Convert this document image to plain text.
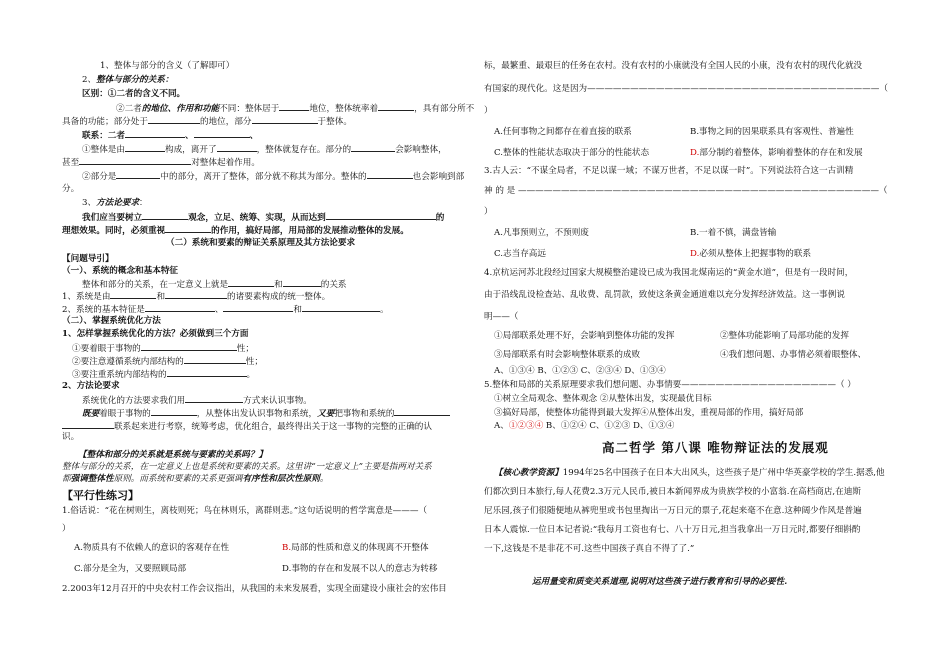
1、整体与部分的含义（了解即可）
2、整体与部分的关系：
区别：①二者的含义不同。
②二者的地位、作用和功能不同：整体居于	地位，整体统率着	，具有部分所不
具备的功能；部分处于	的地位，部分	于整体。
联系：二者	、	、
①整体是由	构成，离开了	，整体就复存在。部分的	会影响整体，
甚至	对整体起着作用。
②部分是	中的部分，离开了整体，部分就不称其为部分。整体的	也会影响到部
分。
3、方法论要求：
我们应当要树立	观念，立足、统筹、实现，从而达到	的
理想效果。同时，必须重视	的作用，搞好局部，用局部的发展推动整体的发展。
（二）系统和要素的辩证关系原理及其方法论要求
【问题导引】
（一）、系统的概念和基本特征
整体和部分的关系，在一定意义上就是	和	的关系
1、系统是由	和	的诸要素构成的统一整体。
2、系统的基本特征是	、	和	。
（二）、掌握系统优化方法
1、怎样掌握系统优化的方法？必须做到三个方面
①要着眼于事物的	性；
②要注意遵循系统内部结构的	性；
③要注重系统内部结构的	。
2、方法论要求
系统优化的方法要求我们用	方式来认识事物。
既要着眼于事物的	，从整体出发认识事物和系统，又要把事物和系统的
联系起来进行考察，统筹考虑，优化组合，最终得出关于这一事物的完整的正确的认
识。
【整体和部分的关系就是系统与要素的关系吗？】
整体与部分的关系，在一定意义上也是系统和要素的关系。这里讲“一定意义上”主要是指两对关系
都强调整体性原则。而系统和要素的关系更强调有序性和层次性原则。
【平行性练习】
1.俗话说：“花在树则生，离枝则死；鸟在林则乐，离群则悲。”这句话说明的哲学寓意是———（
）
A.物质具有不依赖人的意识的客观存在性	B.局部的性质和意义的体现离不开整体
C.部分是全为，又要照顾局部	D.事物的存在和发展不以人的意志为转移
2.2003年12月召开的中央农村工作会议指出，从我国的未来发展看，实现全面建设小康社会的宏伟目
标，最繁重、最艰巨的任务在农村。没有农村的小康就没有全国人民的小康，没有农村的现代化就没
有国家的现代化。这是因为——————————————————————————————————（
）
A.任何事物之间都存在着直接的联系	B.事物之间的因果联系具有客观性、普遍性
C.整体的性能状态取决于部分的性能状态	D.部分制约着整体，影响着整体的存在和发展
3.古人云：“不谋全局者，不足以谋一域；不谋万世者，不足以谋一时”。下列说法符合这一古训精
神 的 是 ——————————————————————————————————————————（
）
A.凡事预则立，不预则废	B.一着不慎，满盘皆输
C.志当存高远	D.必须从整体上把握事物的联系
4.京杭运河苏北段经过国家大规模整治建设已成为我国北煤南运的“黄金水道”，但是有一段时间，
由于沿线乱设检查站、乱收费、乱罚款，致使这条黄金通道难以充分发挥经济效益。这一事例说
明——（
①局部联系处理不好，会影响到整体功能的发挥	②整体功能影响了局部功能的发挥
③局部联系有时会影响整体联系的成败	④我们想问题、办事情必须着眼整体、
A、①③④ B、①②③ C、②③④ D、①③④
5.整体和局部的关系原理要求我们想问题、办事情要——————————————————（ ）
①树立全局观念、整体观念 ②从整体出发，实现最优目标
③搞好局部，使整体功能得到最大发挥④从整体出发，重视局部的作用，搞好局部
A、①②③④ B、①②④ C、①②③ D、①③④
高二哲学 第八课 唯物辩证法的发展观
【核心教学资源】1994年25名中国孩子在日本大出风头，这些孩子是广州中华英豪学校的学生.据悉,他
们都次到日本旅行,每人花费2.3万元人民币,被日本新闻界成为贵族学校的小富翁.在高档商店,在迪斯
尼乐园,孩子们很随便地从裤兜里或书包里掏出一万日元的票子,花起来毫不在意.这种阔少作风是普遍
日本人震惊.一位日本记者说:“我每月工资也有七、八十万日元,担当我拿出一万日元时,都要仔细斟酌
一下,这钱是不是非花不可.这些中国孩子真自不得了了.”
运用量变和质变关系道理,说明对这些孩子进行教育和引导的必要性.
